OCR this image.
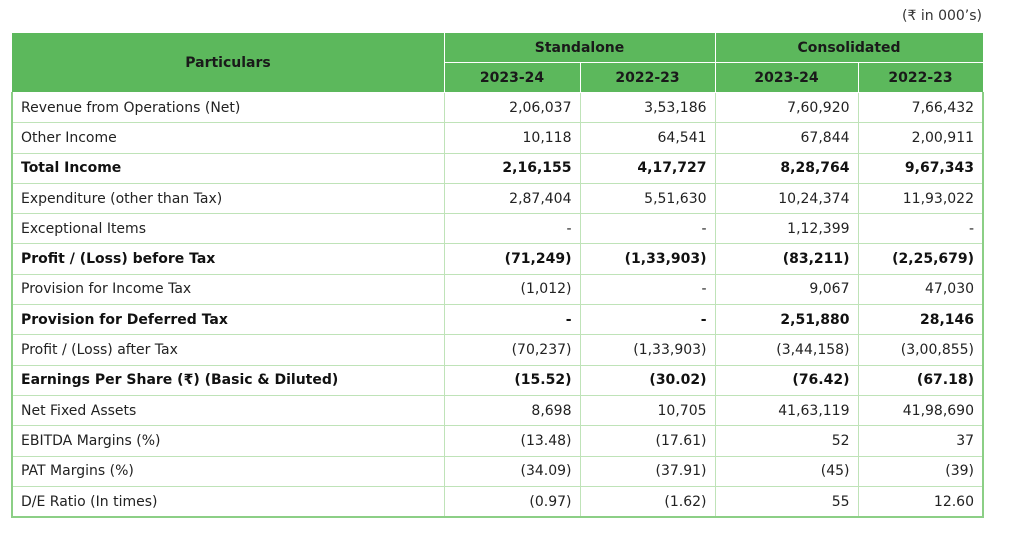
(₹ in 000’s)
Particulars	Standalone		Consolidated	
	2023-24	2022-23	2023-24	2022-23
Revenue from Operations (Net)	2,06,037	3,53,186	7,60,920	7,66,432
Other Income	10,118	64,541	67,844	2,00,911
Total Income	2,16,155	4,17,727	8,28,764	9,67,343
Expenditure (other than Tax)	2,87,404	5,51,630	10,24,374	11,93,022
Exceptional Items	-	-	1,12,399	-
Profit / (Loss) before Tax	(71,249)	(1,33,903)	(83,211)	(2,25,679)
Provision for Income Tax	(1,012)	-	9,067	47,030
Provision for Deferred Tax	-	-	2,51,880	28,146
Profit / (Loss) after Tax	(70,237)	(1,33,903)	(3,44,158)	(3,00,855)
Earnings Per Share (₹) (Basic & Diluted)	(15.52)	(30.02)	(76.42)	(67.18)
Net Fixed Assets	8,698	10,705	41,63,119	41,98,690
EBITDA Margins (%)	(13.48)	(17.61)	52	37
PAT Margins (%)	(34.09)	(37.91)	(45)	(39)
D/E Ratio (In times)	(0.97)	(1.62)	55	12.60
